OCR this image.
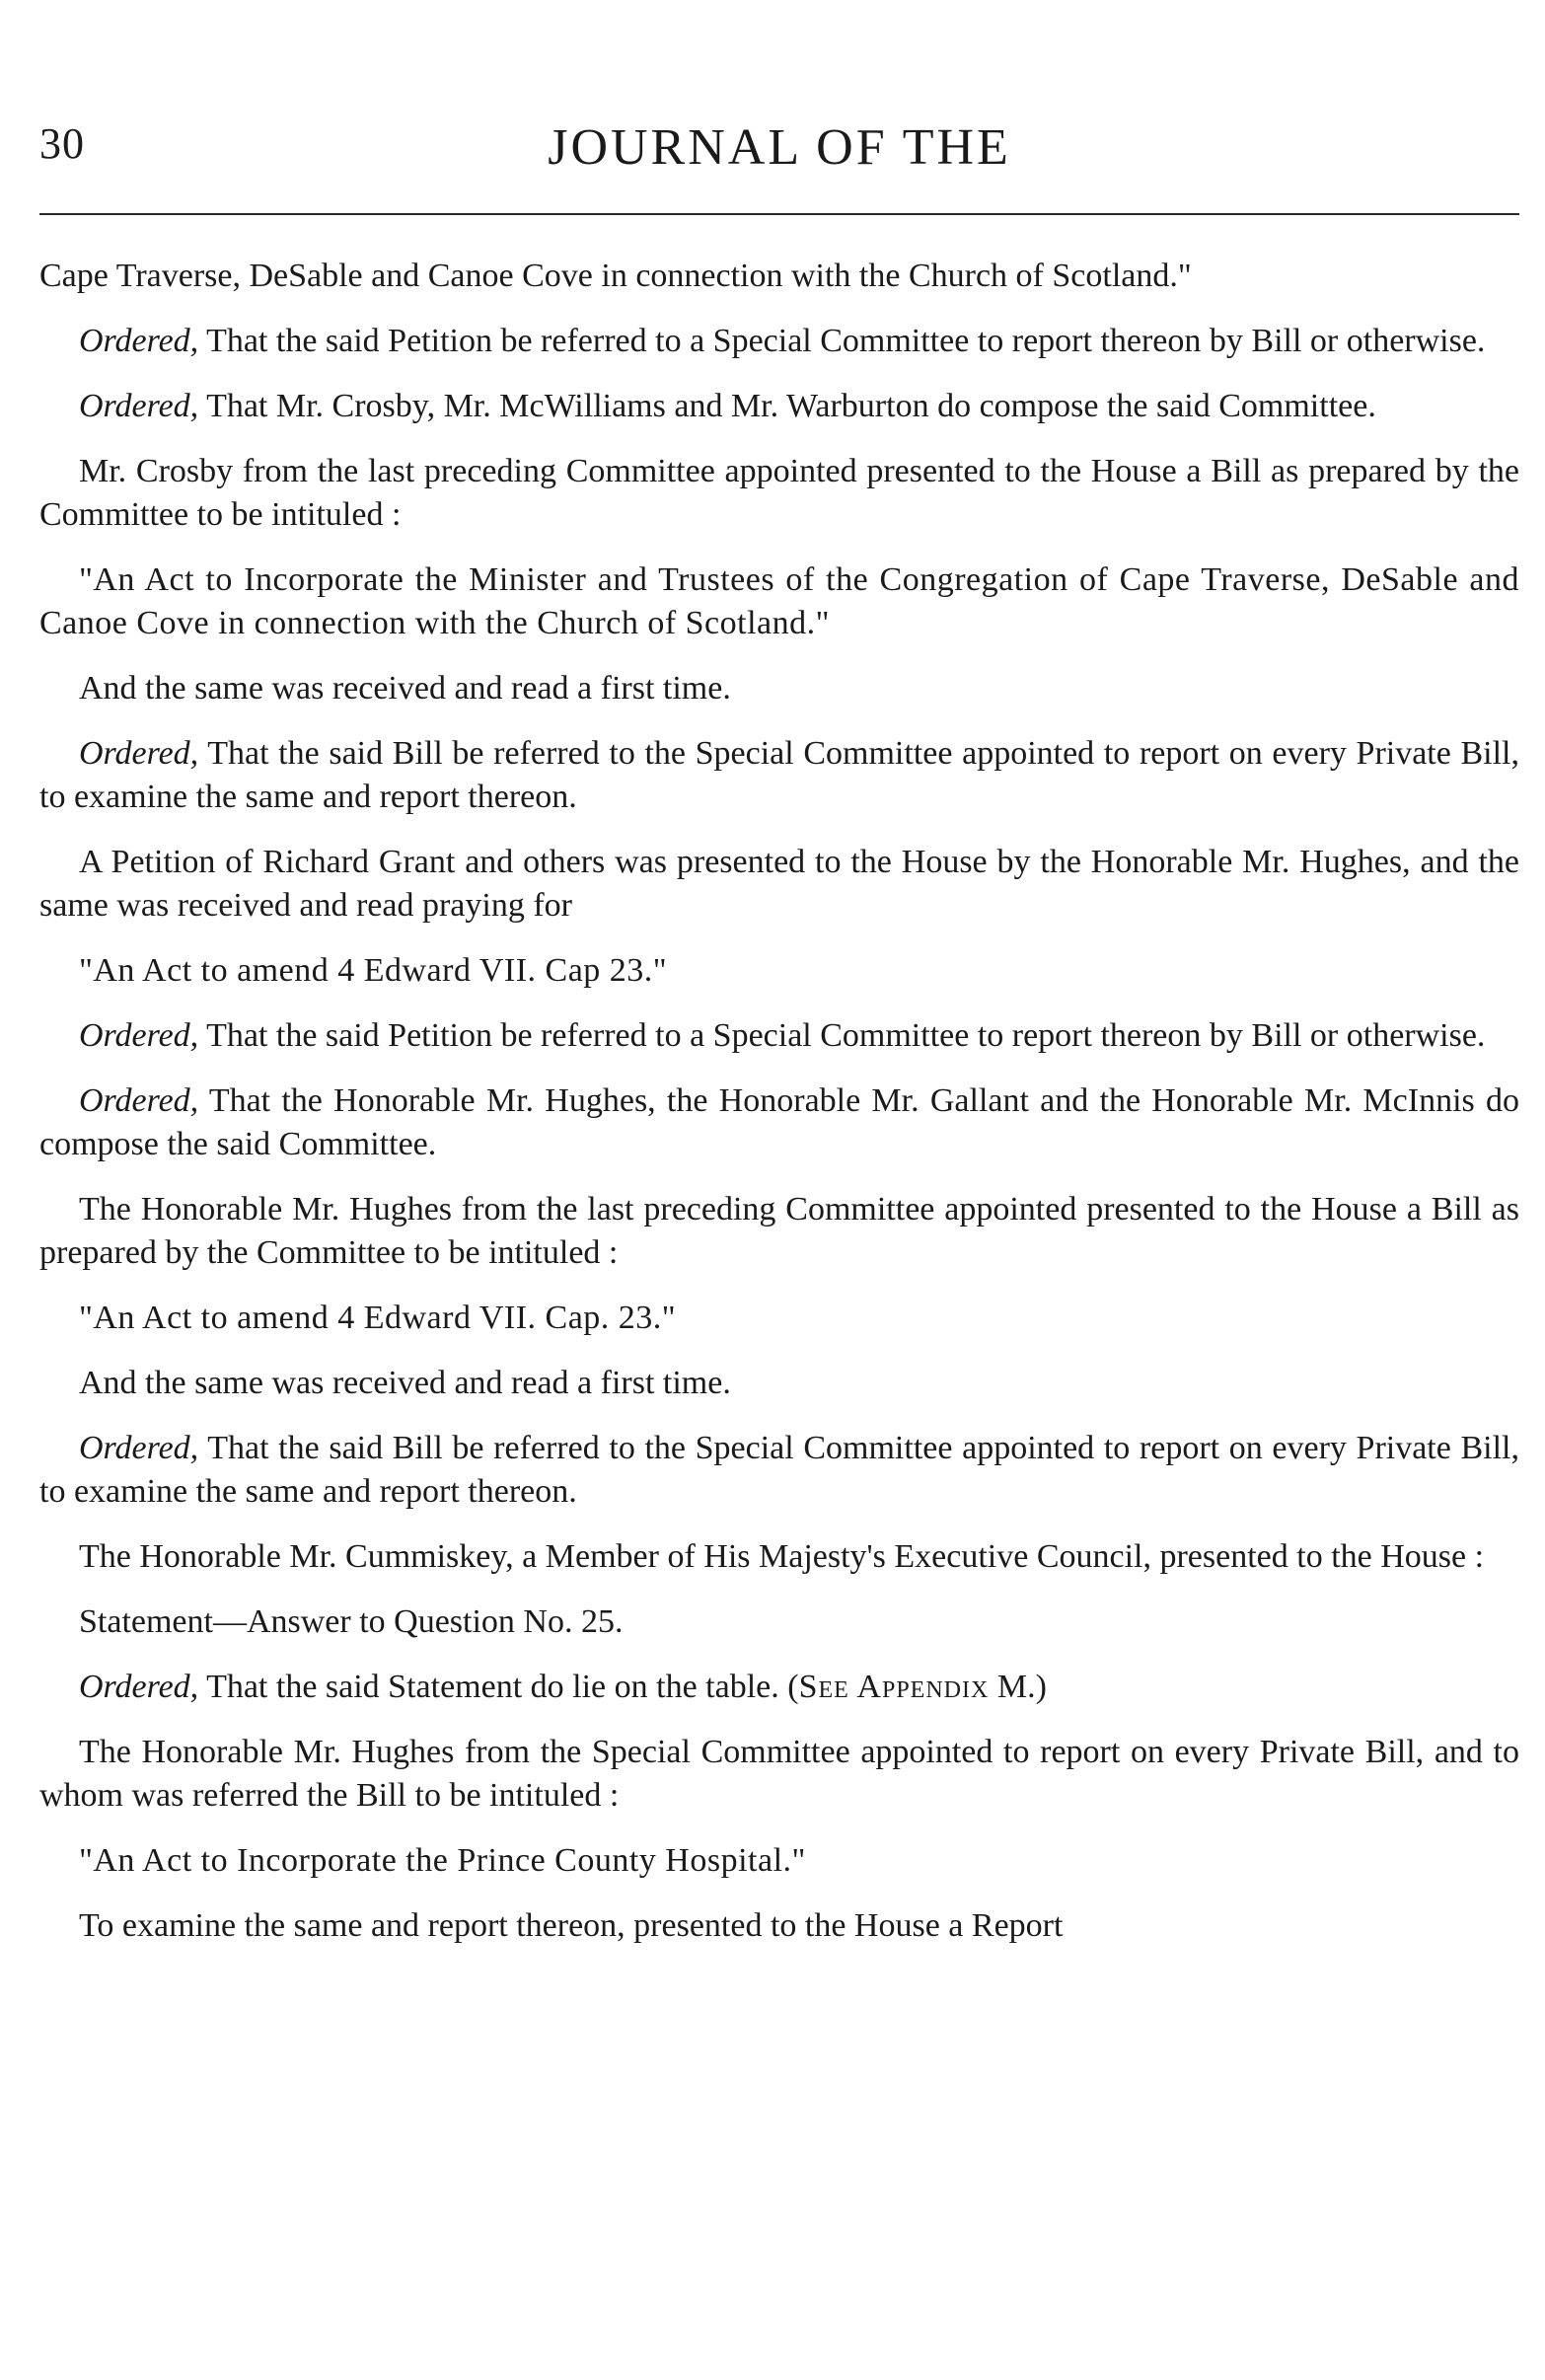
30	JOURNAL OF THE

Cape Traverse, DeSable and Canoe Cove in connection with the Church of Scotland."

Ordered, That the said Petition be referred to a Special Committee to report thereon by Bill or otherwise.

Ordered, That Mr. Crosby, Mr. McWilliams and Mr. Warburton do compose the said Committee.

Mr. Crosby from the last preceding Committee appointed presented to the House a Bill as prepared by the Committee to be intituled :

"An Act to Incorporate the Minister and Trustees of the Congregation of Cape Traverse, DeSable and Canoe Cove in connection with the Church of Scotland."

And the same was received and read a first time.

Ordered, That the said Bill be referred to the Special Committee appointed to report on every Private Bill, to examine the same and report thereon.

A Petition of Richard Grant and others was presented to the House by the Honorable Mr. Hughes, and the same was received and read praying for

"An Act to amend 4 Edward VII. Cap 23."

Ordered, That the said Petition be referred to a Special Committee to report thereon by Bill or otherwise.

Ordered, That the Honorable Mr. Hughes, the Honorable Mr. Gallant and the Honorable Mr. McInnis do compose the said Committee.

The Honorable Mr. Hughes from the last preceding Committee appointed presented to the House a Bill as prepared by the Committee to be intituled :

"An Act to amend 4 Edward VII. Cap. 23."

And the same was received and read a first time.

Ordered, That the said Bill be referred to the Special Committee appointed to report on every Private Bill, to examine the same and report thereon.

The Honorable Mr. Cummiskey, a Member of His Majesty's Executive Council, presented to the House :

Statement—Answer to Question No. 25.

Ordered, That the said Statement do lie on the table. (See Appendix M.)

The Honorable Mr. Hughes from the Special Committee appointed to report on every Private Bill, and to whom was referred the Bill to be intituled :

"An Act to Incorporate the Prince County Hospital."

To examine the same and report thereon, presented to the House a Report
